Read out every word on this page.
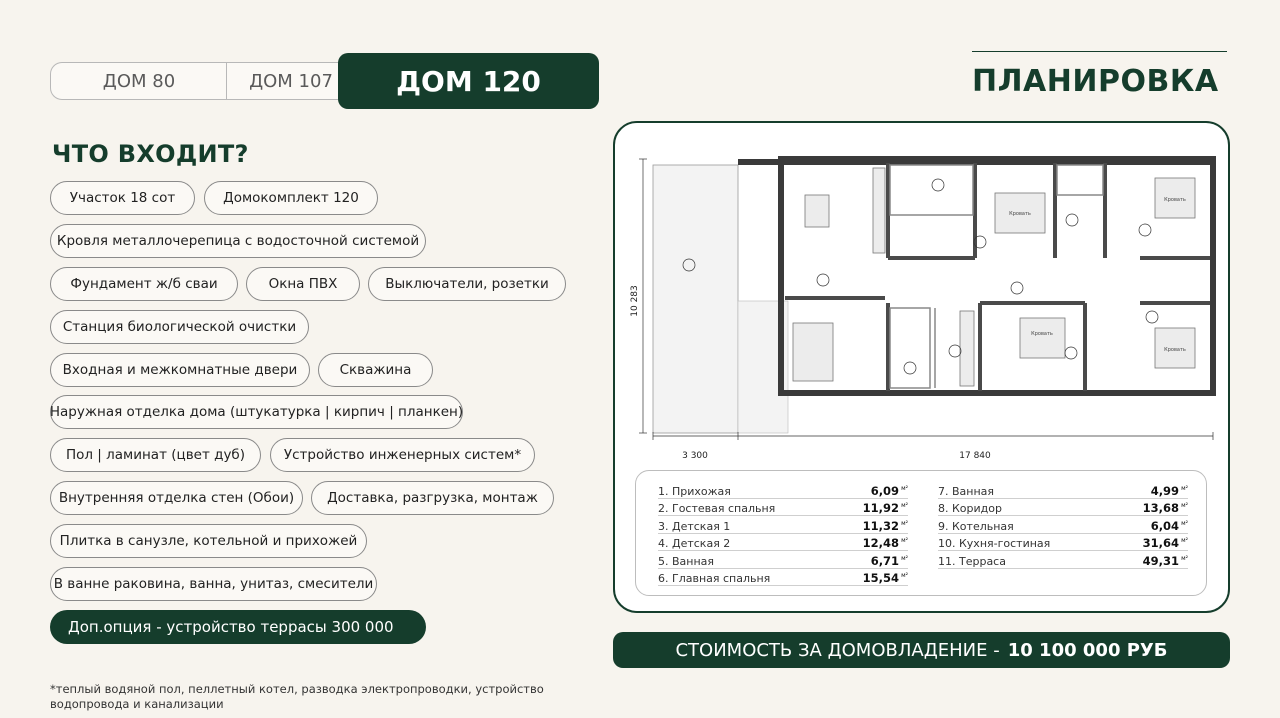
ДОМ 80	ДОМ 107	ДОМ 120	ПЛАНИРОВКА
ЧТО ВХОДИТ?
Участок 18 сот	Домокомплект 120
Кровля металлочерепица с водосточной системой
Фундамент ж/б сваи	Окна ПВХ	Выключатели, розетки
Станция биологической очистки
Входная и межкомнатные двери	Скважина
Наружная отделка дома (штукатурка | кирпич | планкен)
Пол | ламинат (цвет дуб)	Устройство инженерных систем*
Внутренняя отделка стен (Обои)	Доставка, разгрузка, монтаж
Плитка в санузле, котельной и прихожей
В ванне раковина, ванна, унитаз, смесители
Доп.опция - устройство террасы 300 000
*теплый водяной пол, пеллетный котел, разводка электропроводки, устройство водопровода и канализации
3 300	17 840
10 283
Кровать
Кровать
Кровать
Кровать
1. Прихожая	6,09 $^{м^2}$
2. Гостевая спальня	11,92 $^{м^2}$
3. Детская 1	11,32 $^{м^2}$
4. Детская 2	12,48 $^{м^2}$
5. Ванная	6,71 $^{м^2}$
6. Главная спальня	15,54 $^{м^2}$
7. Ванная	4,99 $^{м^2}$
8. Коридор	13,68 $^{м^2}$
9. Котельная	6,04 $^{м^2}$
10. Кухня-гостиная	31,64 $^{м^2}$
11. Терраса	49,31 $^{м^2}$
СТОИМОСТЬ ЗА ДОМОВЛАДЕНИЕ - 10 100 000 РУБ
